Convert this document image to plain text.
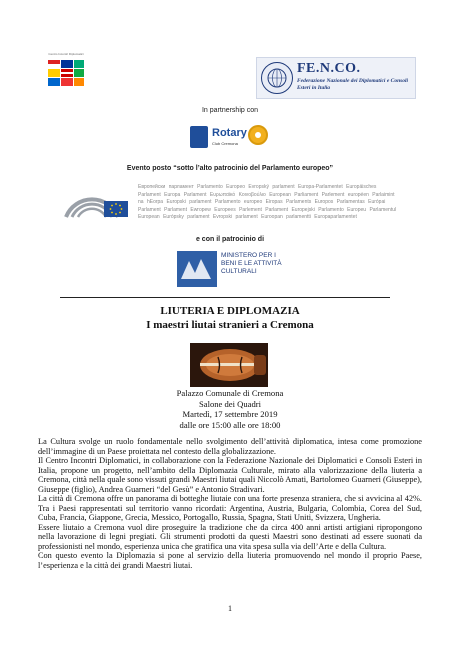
Centro Incontri Diplomatici
FE.N.CO.
Federazione Nazionale dei Diplomatici e Consoli Esteri in Italia
In partnership con
Rotary
Club Cremona
Evento posto “sotto l’alto patrocinio del Parlamento europeo”
Европейски парламент Parlamento Europeo Evropský parlament Europa-Parlamentet Europäisches Parlament Europa Parlament Ευρωπαϊκό Κοινοβούλιο European Parliament Parlement européen Parlaimint na hEorpa Europski parlament Parlamento europeo Eiropas Parlaments Europos Parlamentas Európai Parlament Parlament Ewropew Europees Parlement Parlament Europejski Parlamento Europeu Parlamentul European Európsky parlament Evropski parlament Euroopan parlamentti Europaparlamentet
e con il patrocinio di
MINISTERO PER I BENI E LE ATTIVITÀ CULTURALI
LIUTERIA E DIPLOMAZIA
I maestri liutai stranieri a Cremona
Palazzo Comunale di Cremona
Salone dei Quadri
Martedì, 17 settembre 2019
dalle ore 15:00 alle ore 18:00

La Cultura svolge un ruolo fondamentale nello svolgimento dell’attività diplomatica, intesa come promozione dell’immagine di un Paese proiettata nel contesto della globalizzazione.

Il Centro Incontri Diplomatici, in collaborazione con la Federazione Nazionale dei Diplomatici e Consoli Esteri in Italia, propone un progetto, nell’ambito della Diplomazia Culturale, mirato alla valorizzazione della liuteria a Cremona, città nella quale sono vissuti grandi Maestri liutai quali Niccolò Amati, Bartolomeo Guarneri (Giuseppe), Giuseppe (figlio), Andrea Guarneri “del Gesù” e Antonio Stradivari.

La città di Cremona offre un panorama di botteghe liutaie con una forte presenza straniera, che si avvicina al 42%. Tra i Paesi rappresentati sul territorio vanno ricordati: Argentina, Austria, Bulgaria, Colombia, Corea del Sud, Cuba, Francia, Giappone, Grecia, Messico, Portogallo, Russia, Spagna, Stati Uniti, Svizzera, Ungheria.

Essere liutaio a Cremona vuol dire proseguire la tradizione che da circa 400 anni artisti artigiani ripropongono nella lavorazione di legni pregiati. Gli strumenti prodotti da questi Maestri sono destinati ad essere suonati da professionisti nel mondo, esperienza unica che gratifica una vita spesa sulla via dell’Arte e della Cultura.

Con questo evento la Diplomazia si pone al servizio della liuteria promuovendo nel mondo il proprio Paese, l’esperienza e la città dei grandi Maestri liutai.

1
